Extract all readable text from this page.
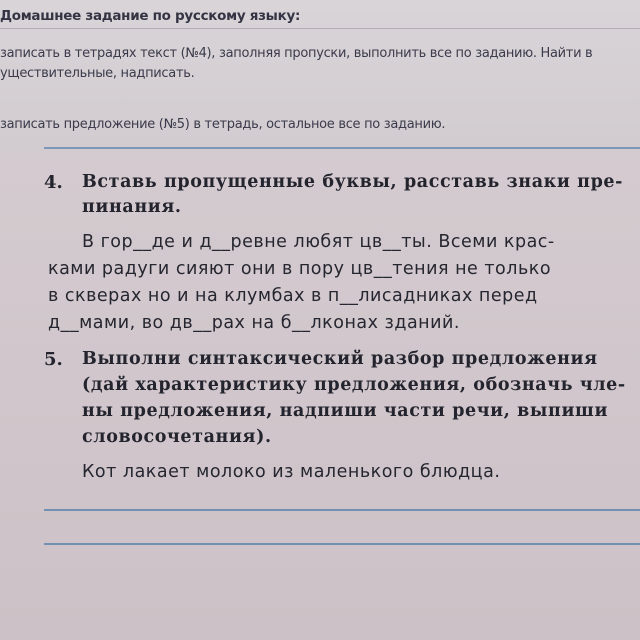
Домашнее задание по русскому языку:
записать в тетрадях текст (№4), заполняя пропуски, выполнить все по заданию. Найти в
уществительные, надписать.
записать предложение (№5) в тетрадь, остальное все по заданию.
4. Вставь пропущенные буквы, расставь знаки пре-
пинания.
В гор__де и д__ревне любят цв__ты. Всеми крас-
ками радуги сияют они в пору цв__тения не только
в скверах но и на клумбах в п__лисадниках перед
д__мами, во дв__рах на б__лконах зданий.
5. Выполни синтаксический разбор предложения
(дай характеристику предложения, обозначь чле-
ны предложения, надпиши части речи, выпиши
словосочетания).
Кот лакает молоко из маленького блюдца.
